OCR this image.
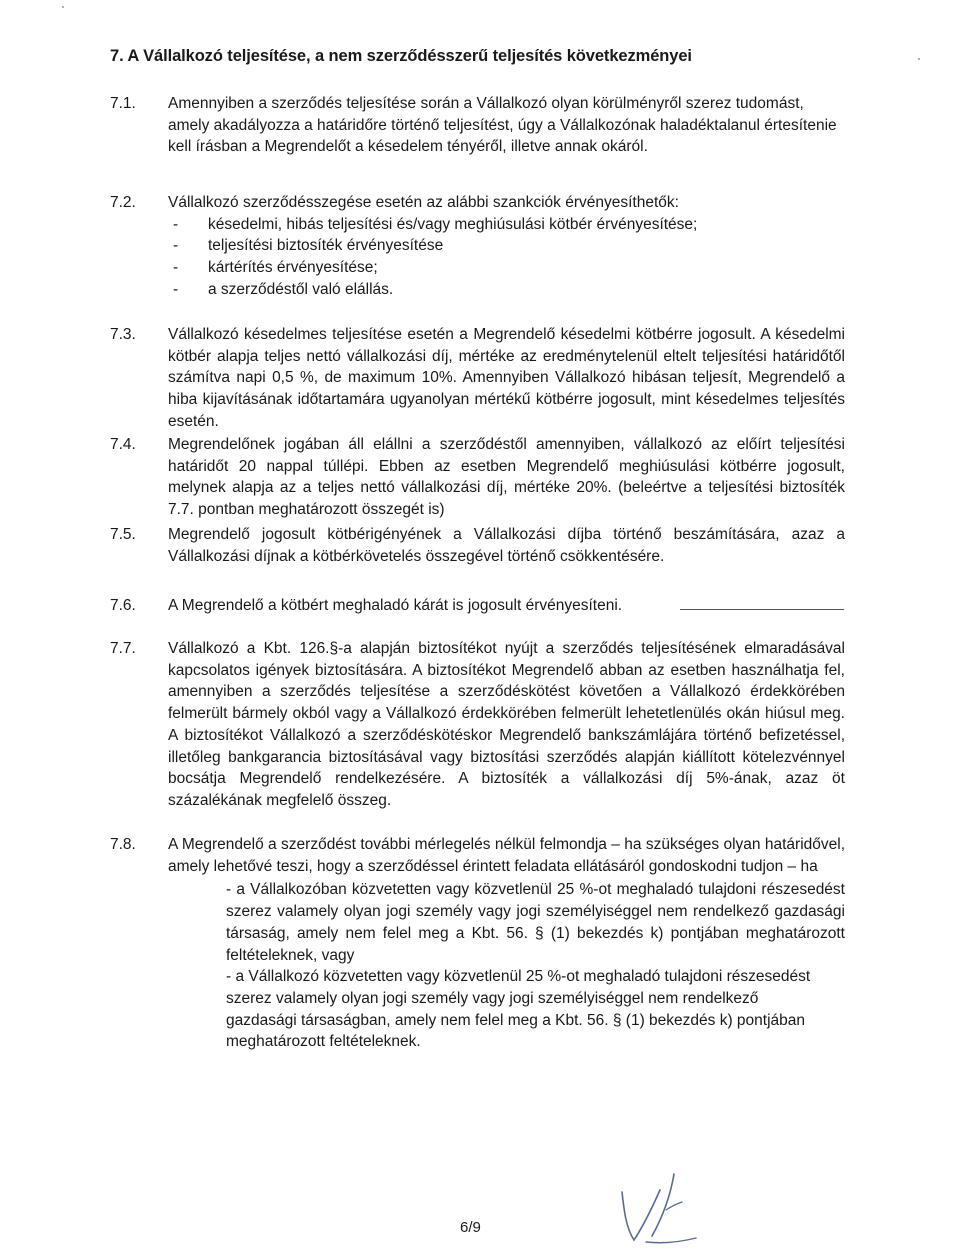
7. A Vállalkozó teljesítése, a nem szerződésszerű teljesítés következményei
7.1. Amennyiben a szerződés teljesítése során a Vállalkozó olyan körülményről szerez tudomást, amely akadályozza a határidőre történő teljesítést, úgy a Vállalkozónak haladéktalanul értesítenie kell írásban a Megrendelőt a késedelem tényéről, illetve annak okáról.
7.2. Vállalkozó szerződésszegése esetén az alábbi szankciók érvényesíthetők:
- késedelmi, hibás teljesítési és/vagy meghiúsulási kötbér érvényesítése;
- teljesítési biztosíték érvényesítése
- kártérítés érvényesítése;
- a szerződéstől való elállás.
7.3. Vállalkozó késedelmes teljesítése esetén a Megrendelő késedelmi kötbérre jogosult. A késedelmi kötbér alapja teljes nettó vállalkozási díj, mértéke az eredménytelenül eltelt teljesítési határidőtől számítva napi 0,5 %, de maximum 10%. Amennyiben Vállalkozó hibásan teljesít, Megrendelő a hiba kijavításának időtartamára ugyanolyan mértékű kötbérre jogosult, mint késedelmes teljesítés esetén.
7.4. Megrendelőnek jogában áll elállni a szerződéstől amennyiben, vállalkozó az előírt teljesítési határidőt 20 nappal túllépi. Ebben az esetben Megrendelő meghiúsulási kötbérre jogosult, melynek alapja az a teljes nettó vállalkozási díj, mértéke 20%. (beleértve a teljesítési biztosíték 7.7. pontban meghatározott összegét is)
7.5. Megrendelő jogosult kötbérigényének a Vállalkozási díjba történő beszámítására, azaz a Vállalkozási díjnak a kötbérkövetelés összegével történő csökkentésére.
7.6. A Megrendelő a kötbért meghaladó kárát is jogosult érvényesíteni.
7.7. Vállalkozó a Kbt. 126.§-a alapján biztosítékot nyújt a szerződés teljesítésének elmaradásával kapcsolatos igények biztosítására. A biztosítékot Megrendelő abban az esetben használhatja fel, amennyiben a szerződés teljesítése a szerződéskötést követően a Vállalkozó érdekkörében felmerült bármely okból vagy a Vállalkozó érdekkörében felmerült lehetetlenülés okán hiúsul meg. A biztosítékot Vállalkozó a szerződéskötéskor Megrendelő bankszámlájára történő befizetéssel, illetőleg bankgarancia biztosításával vagy biztosítási szerződés alapján kiállított kötelezvénnyel bocsátja Megrendelő rendelkezésére. A biztosíték a vállalkozási díj 5%-ának, azaz öt százalékának megfelelő összeg.
7.8. A Megrendelő a szerződést további mérlegelés nélkül felmondja – ha szükséges olyan határidővel, amely lehetővé teszi, hogy a szerződéssel érintett feladata ellátásáról gondoskodni tudjon – ha

- a Vállalkozóban közvetetten vagy közvetlenül 25 %-ot meghaladó tulajdoni részesedést szerez valamely olyan jogi személy vagy jogi személyiséggel nem rendelkező gazdasági társaság, amely nem felel meg a Kbt. 56. § (1) bekezdés k) pontjában meghatározott feltételeknek, vagy

- a Vállalkozó közvetetten vagy közvetlenül 25 %-ot meghaladó tulajdoni részesedést szerez valamely olyan jogi személy vagy jogi személyiséggel nem rendelkező gazdasági társaságban, amely nem felel meg a Kbt. 56. § (1) bekezdés k) pontjában meghatározott feltételeknek.

6/9
